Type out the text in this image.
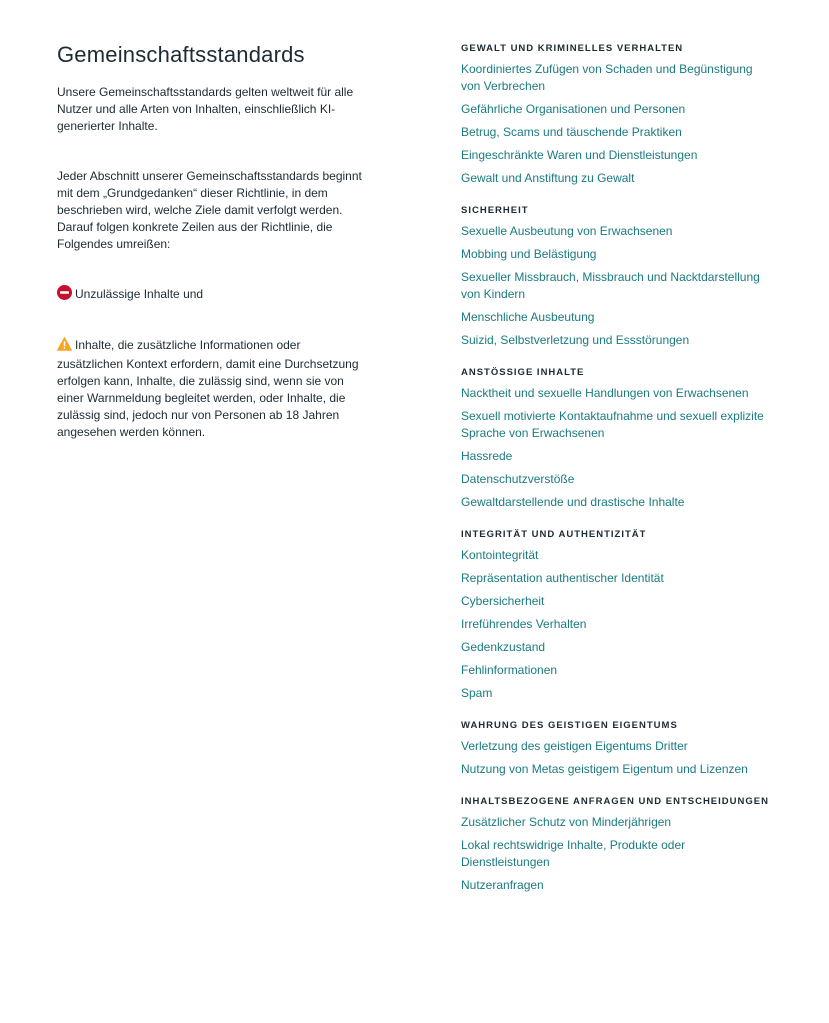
Gemeinschaftsstandards

Unsere Gemeinschaftsstandards gelten weltweit für alle Nutzer und alle Arten von Inhalten, einschließlich KI-generierter Inhalte.

Jeder Abschnitt unserer Gemeinschaftsstandards beginnt mit dem „Grundgedanken“ dieser Richtlinie, in dem beschrieben wird, welche Ziele damit verfolgt werden. Darauf folgen konkrete Zeilen aus der Richtlinie, die Folgendes umreißen:

Unzulässige Inhalte und

Inhalte, die zusätzliche Informationen oder zusätzlichen Kontext erfordern, damit eine Durchsetzung erfolgen kann, Inhalte, die zulässig sind, wenn sie von einer Warnmeldung begleitet werden, oder Inhalte, die zulässig sind, jedoch nur von Personen ab 18 Jahren angesehen werden können.

GEWALT UND KRIMINELLES VERHALTEN
Koordiniertes Zufügen von Schaden und Begünstigung von Verbrechen
Gefährliche Organisationen und Personen
Betrug, Scams und täuschende Praktiken
Eingeschränkte Waren und Dienstleistungen
Gewalt und Anstiftung zu Gewalt
SICHERHEIT
Sexuelle Ausbeutung von Erwachsenen
Mobbing und Belästigung
Sexueller Missbrauch, Missbrauch und Nacktdarstellung von Kindern
Menschliche Ausbeutung
Suizid, Selbstverletzung und Essstörungen
ANSTÖSSIGE INHALTE
Nacktheit und sexuelle Handlungen von Erwachsenen
Sexuell motivierte Kontaktaufnahme und sexuell explizite Sprache von Erwachsenen
Hassrede
Datenschutzverstöße
Gewaltdarstellende und drastische Inhalte
INTEGRITÄT UND AUTHENTIZITÄT
Kontointegrität
Repräsentation authentischer Identität
Cybersicherheit
Irreführendes Verhalten
Gedenkzustand
Fehlinformationen
Spam
WAHRUNG DES GEISTIGEN EIGENTUMS
Verletzung des geistigen Eigentums Dritter
Nutzung von Metas geistigem Eigentum und Lizenzen
INHALTSBEZOGENE ANFRAGEN UND ENTSCHEIDUNGEN
Zusätzlicher Schutz von Minderjährigen
Lokal rechtswidrige Inhalte, Produkte oder Dienstleistungen
Nutzeranfragen
